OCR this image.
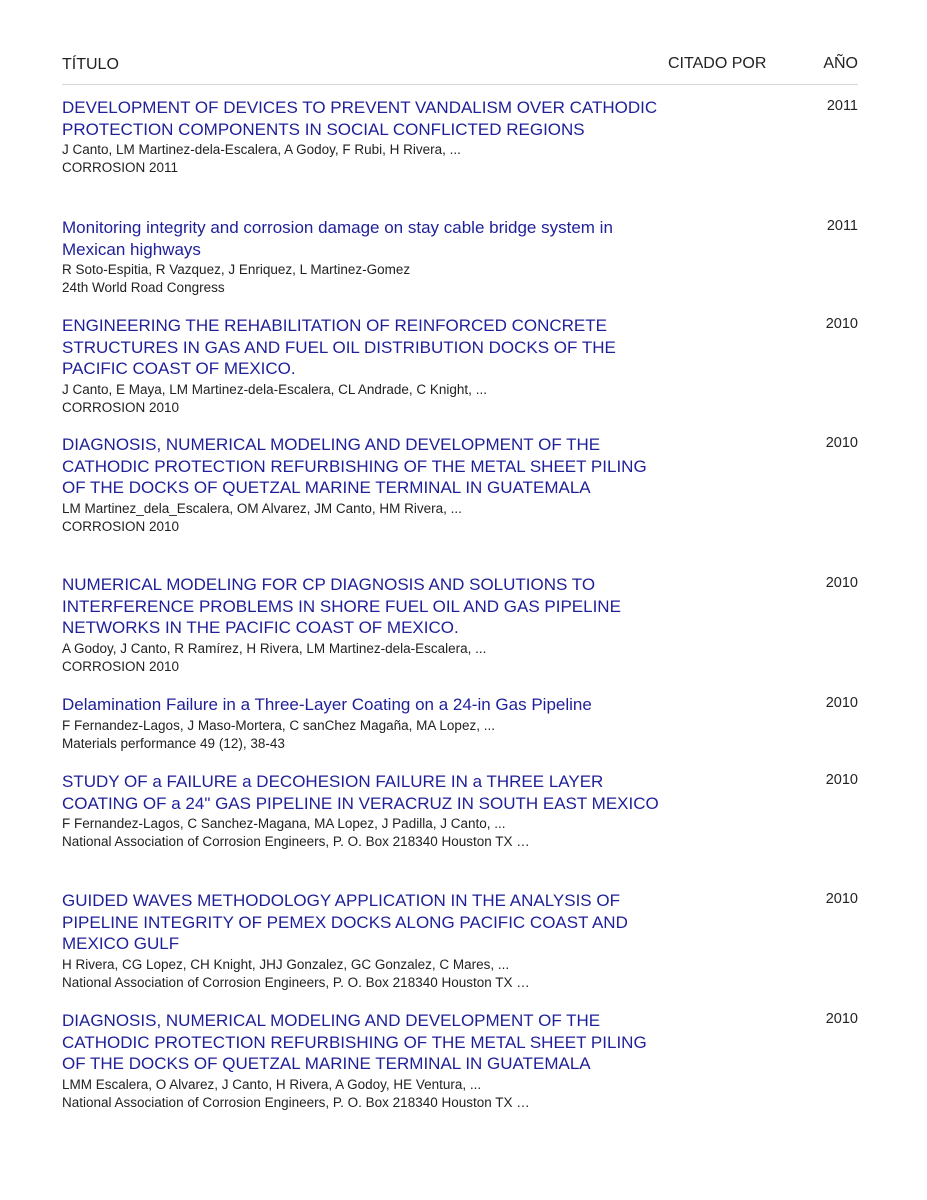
TÍTULO	CITADO POR	AÑO
DEVELOPMENT OF DEVICES TO PREVENT VANDALISM OVER CATHODIC PROTECTION COMPONENTS IN SOCIAL CONFLICTED REGIONS
J Canto, LM Martinez-dela-Escalera, A Godoy, F Rubi, H Rivera, ...
CORROSION 2011
2011
Monitoring integrity and corrosion damage on stay cable bridge system in Mexican highways
R Soto-Espitia, R Vazquez, J Enriquez, L Martinez-Gomez
24th World Road Congress
2011
ENGINEERING THE REHABILITATION OF REINFORCED CONCRETE STRUCTURES IN GAS AND FUEL OIL DISTRIBUTION DOCKS OF THE PACIFIC COAST OF MEXICO.
J Canto, E Maya, LM Martinez-dela-Escalera, CL Andrade, C Knight, ...
CORROSION 2010
2010
DIAGNOSIS, NUMERICAL MODELING AND DEVELOPMENT OF THE CATHODIC PROTECTION REFURBISHING OF THE METAL SHEET PILING OF THE DOCKS OF QUETZAL MARINE TERMINAL IN GUATEMALA
LM Martinez_dela_Escalera, OM Alvarez, JM Canto, HM Rivera, ...
CORROSION 2010
2010
NUMERICAL MODELING FOR CP DIAGNOSIS AND SOLUTIONS TO INTERFERENCE PROBLEMS IN SHORE FUEL OIL AND GAS PIPELINE NETWORKS IN THE PACIFIC COAST OF MEXICO.
A Godoy, J Canto, R Ramírez, H Rivera, LM Martinez-dela-Escalera, ...
CORROSION 2010
2010
Delamination Failure in a Three-Layer Coating on a 24-in Gas Pipeline
F Fernandez-Lagos, J Maso-Mortera, C sanChez Magaña, MA Lopez, ...
Materials performance 49 (12), 38-43
2010
STUDY OF a FAILURE a DECOHESION FAILURE IN a THREE LAYER COATING OF a 24" GAS PIPELINE IN VERACRUZ IN SOUTH EAST MEXICO
F Fernandez-Lagos, C Sanchez-Magana, MA Lopez, J Padilla, J Canto, ...
National Association of Corrosion Engineers, P. O. Box 218340 Houston TX …
2010
GUIDED WAVES METHODOLOGY APPLICATION IN THE ANALYSIS OF PIPELINE INTEGRITY OF PEMEX DOCKS ALONG PACIFIC COAST AND MEXICO GULF
H Rivera, CG Lopez, CH Knight, JHJ Gonzalez, GC Gonzalez, C Mares, ...
National Association of Corrosion Engineers, P. O. Box 218340 Houston TX …
2010
DIAGNOSIS, NUMERICAL MODELING AND DEVELOPMENT OF THE CATHODIC PROTECTION REFURBISHING OF THE METAL SHEET PILING OF THE DOCKS OF QUETZAL MARINE TERMINAL IN GUATEMALA
LMM Escalera, O Alvarez, J Canto, H Rivera, A Godoy, HE Ventura, ...
National Association of Corrosion Engineers, P. O. Box 218340 Houston TX …
2010
